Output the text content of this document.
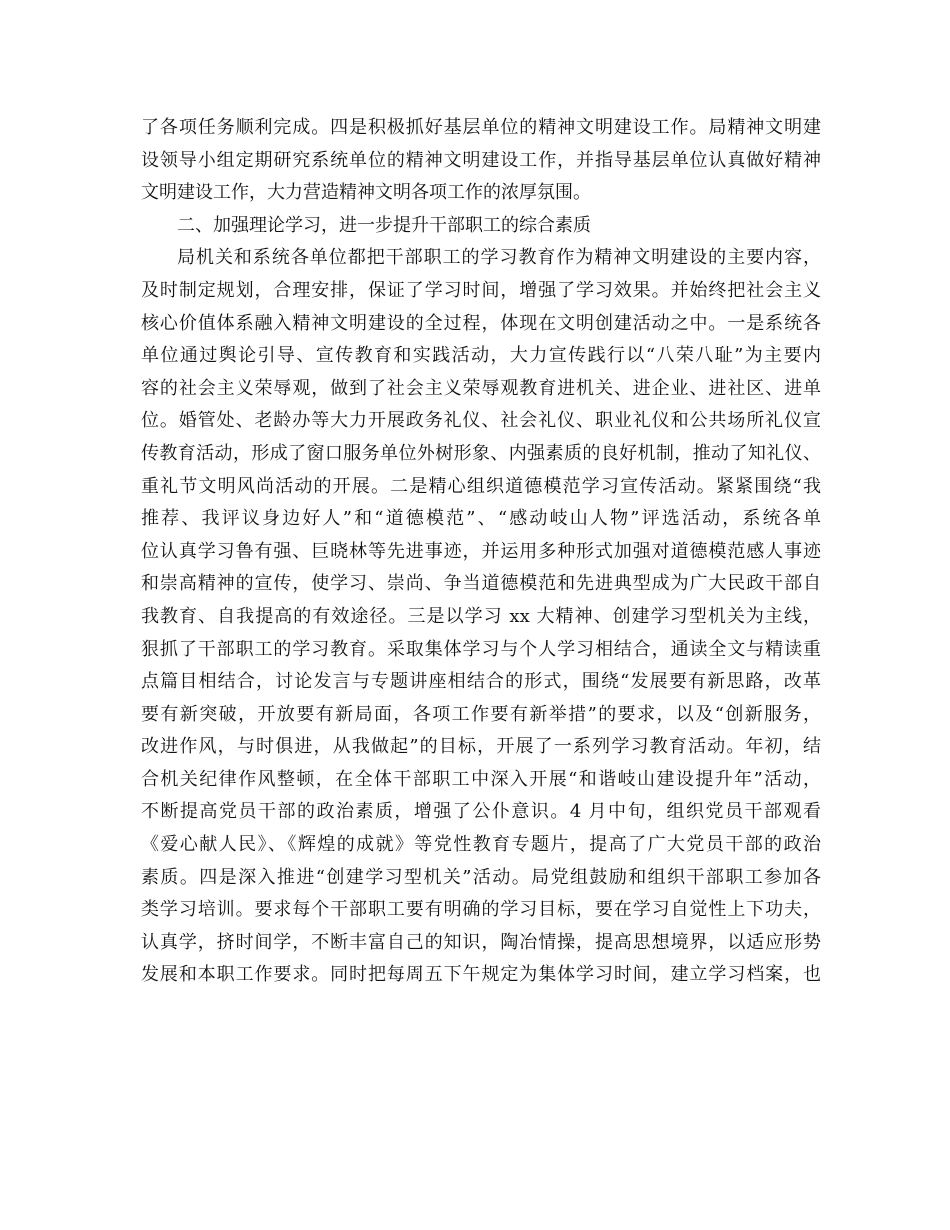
了各项任务顺利完成。四是积极抓好基层单位的精神文明建设工作。局精神文明建
设领导小组定期研究系统单位的精神文明建设工作，并指导基层单位认真做好精神
文明建设工作，大力营造精神文明各项工作的浓厚氛围。
二、加强理论学习，进一步提升干部职工的综合素质
局机关和系统各单位都把干部职工的学习教育作为精神文明建设的主要内容，
及时制定规划，合理安排，保证了学习时间，增强了学习效果。并始终把社会主义
核心价值体系融入精神文明建设的全过程，体现在文明创建活动之中。一是系统各
单位通过舆论引导、宣传教育和实践活动，大力宣传践行以“八荣八耻”为主要内
容的社会主义荣辱观，做到了社会主义荣辱观教育进机关、进企业、进社区、进单
位。婚管处、老龄办等大力开展政务礼仪、社会礼仪、职业礼仪和公共场所礼仪宣
传教育活动，形成了窗口服务单位外树形象、内强素质的良好机制，推动了知礼仪、
重礼节文明风尚活动的开展。二是精心组织道德模范学习宣传活动。紧紧围绕“我
推荐、我评议身边好人”和“道德模范”、“感动岐山人物”评选活动，系统各单
位认真学习鲁有强、巨晓林等先进事迹，并运用多种形式加强对道德模范感人事迹
和崇高精神的宣传，使学习、崇尚、争当道德模范和先进典型成为广大民政干部自
我教育、自我提高的有效途径。三是以学习 xx 大精神、创建学习型机关为主线，
狠抓了干部职工的学习教育。采取集体学习与个人学习相结合，通读全文与精读重
点篇目相结合，讨论发言与专题讲座相结合的形式，围绕“发展要有新思路，改革
要有新突破，开放要有新局面，各项工作要有新举措”的要求，以及“创新服务，
改进作风，与时俱进，从我做起”的目标，开展了一系列学习教育活动。年初，结
合机关纪律作风整顿，在全体干部职工中深入开展“和谐岐山建设提升年”活动，
不断提高党员干部的政治素质，增强了公仆意识。4 月中旬，组织党员干部观看
《爱心献人民》、《辉煌的成就》等党性教育专题片，提高了广大党员干部的政治
素质。四是深入推进“创建学习型机关”活动。局党组鼓励和组织干部职工参加各
类学习培训。要求每个干部职工要有明确的学习目标，要在学习自觉性上下功夫，
认真学，挤时间学，不断丰富自己的知识，陶冶情操，提高思想境界，以适应形势
发展和本职工作要求。同时把每周五下午规定为集体学习时间，建立学习档案，也
